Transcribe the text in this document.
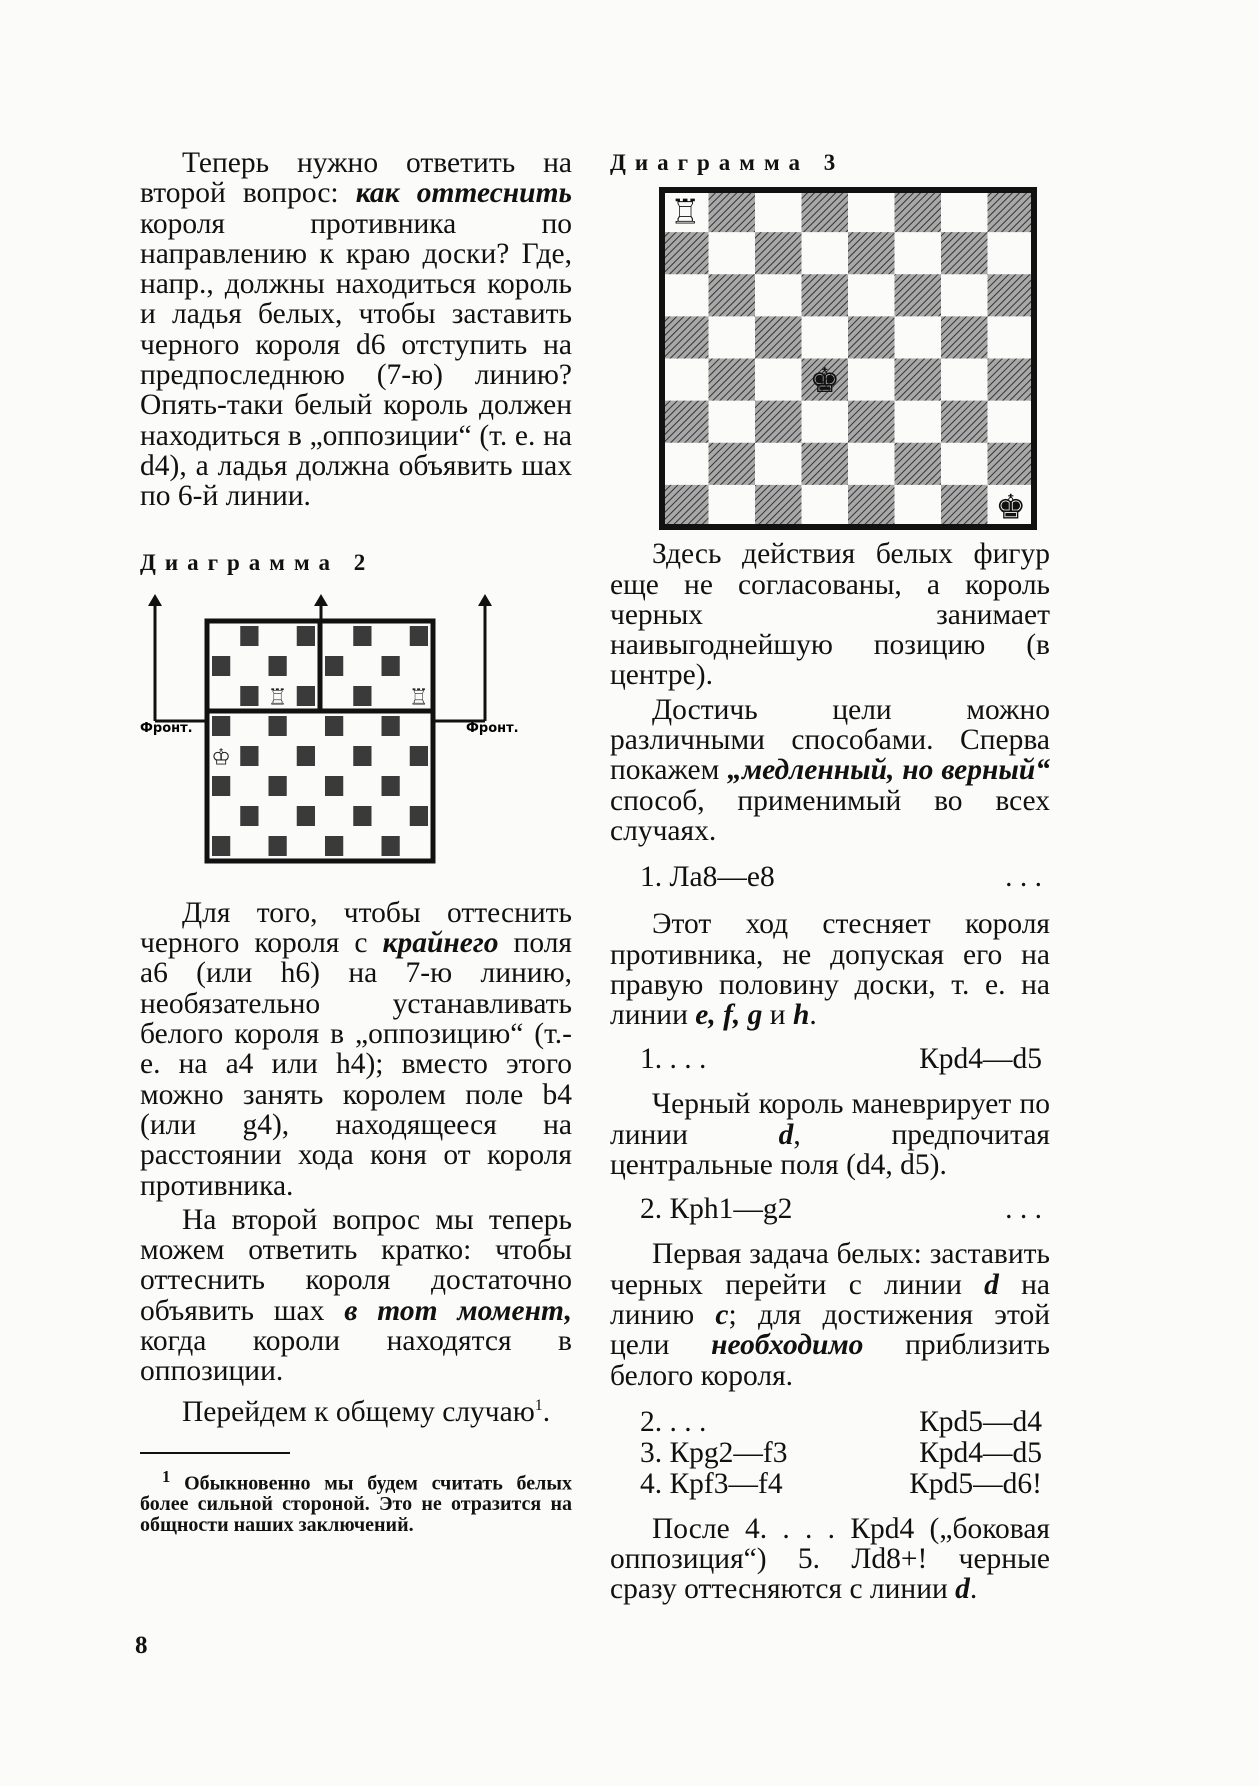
Теперь нужно ответить на второй вопрос: как оттеснить короля противника по направлению к краю доски? Где, напр., должны находиться король и ладья белых, чтобы заставить черного короля d6 отступить на предпоследнюю (7-ю) линию? Опять-таки белый король должен находиться в „оппозиции“ (т. е. на d4), а ладья должна объявить шах по 6-й линии.

Диаграмма 2

♖	♖
♔
Фронт.	Фронт.

Для того, чтобы оттеснить черного короля с крайнего поля a6 (или h6) на 7-ю линию, необязательно устанавливать белого короля в „оппозицию“ (т.-е. на a4 или h4); вместо этого можно занять королем поле b4 (или g4), находящееся на расстоянии хода коня от короля противника.

На второй вопрос мы теперь можем ответить кратко: чтобы оттеснить короля достаточно объявить шах в тот момент, когда короли находятся в оппозиции.

Перейдем к общему случаю$^1$.

$^1$ Обыкновенно мы будем считать белых более сильной стороной. Это не отразится на общности наших заключений.

8

Диаграмма 3

♖
♚
♚

Здесь действия белых фигур еще не согласованы, а король черных занимает наивыгоднейшую позицию (в центре).

Достичь цели можно различными способами. Сперва покажем „медленный, но верный“ способ, применимый во всех случаях.

1. Ла8—е8	. . .

Этот ход стесняет короля противника, не допуская его на правую половину доски, т. е. на линии e, f, g и h.

1. . . .	Крd4—d5

Черный король маневрирует по линии d, предпочитая центральные поля (d4, d5).

2. Крh1—g2	. . .

Первая задача белых: заставить черных перейти с линии d на линию c; для достижения этой цели необходимо приблизить белого короля.

2. . . .	Крd5—d4
3. Крg2—f3	Крd4—d5
4. Крf3—f4	Крd5—d6!

После 4. . . . Крd4 („боковая оппозиция“) 5. Лd8+! черные сразу оттесняются с линии d.
